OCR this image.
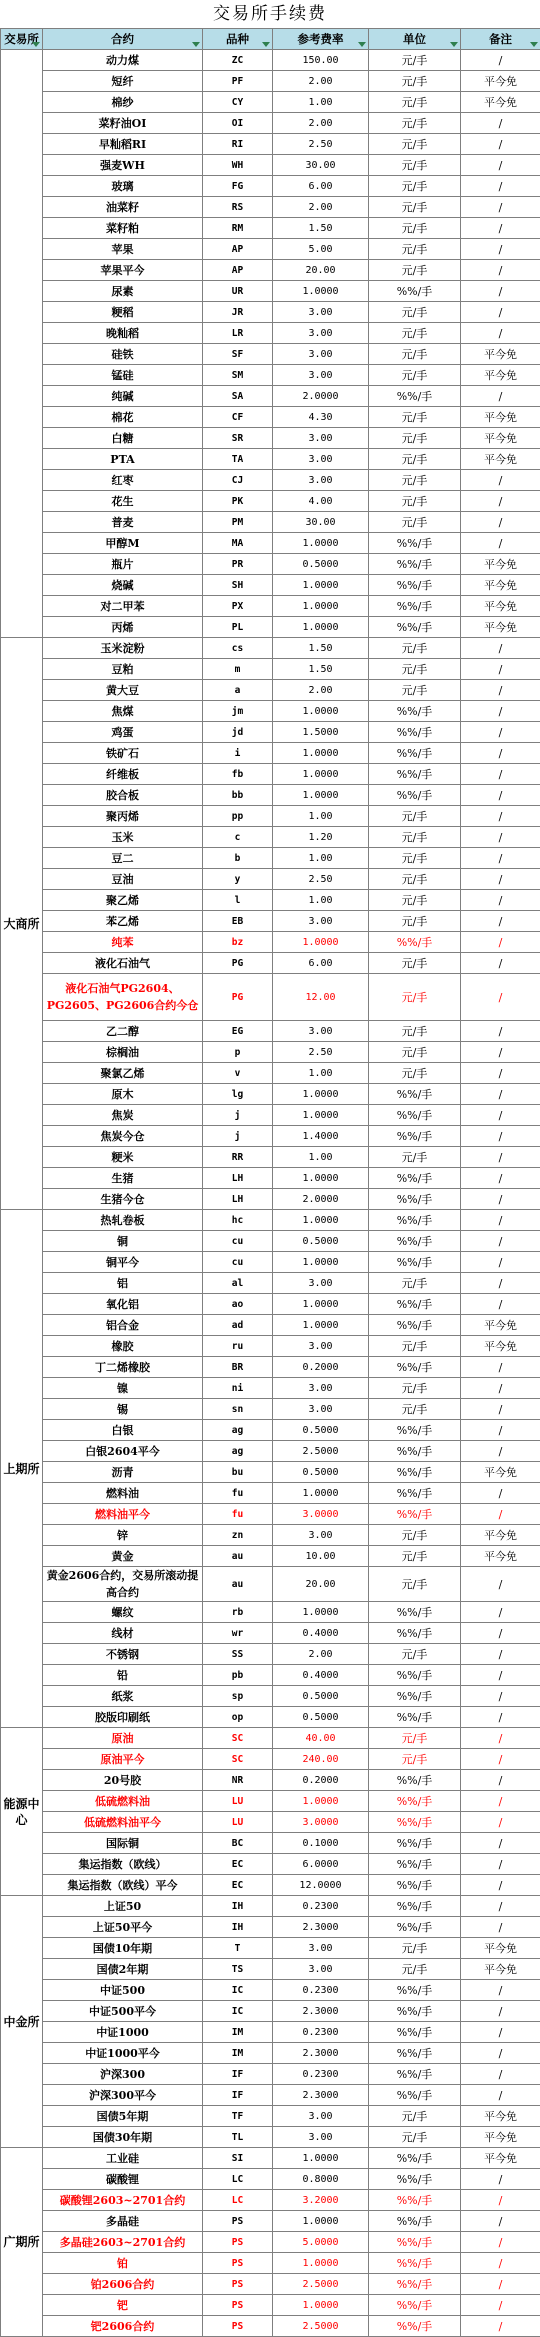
交易所手续费
交易所	合约	品种	参考费率	单位	备注

	动力煤	ZC	150.00	元/手	/
	短纤	PF	2.00	元/手	平今免
	棉纱	CY	1.00	元/手	平今免
	菜籽油OI	OI	2.00	元/手	/
	早籼稻RI	RI	2.50	元/手	/
	强麦WH	WH	30.00	元/手	/
	玻璃	FG	6.00	元/手	/
	油菜籽	RS	2.00	元/手	/
	菜籽粕	RM	1.50	元/手	/
	苹果	AP	5.00	元/手	/
	苹果平今	AP	20.00	元/手	/
	尿素	UR	1.0000	%%/手	/
	粳稻	JR	3.00	元/手	/
	晚籼稻	LR	3.00	元/手	/
	硅铁	SF	3.00	元/手	平今免
	锰硅	SM	3.00	元/手	平今免
	纯碱	SA	2.0000	%%/手	/
	棉花	CF	4.30	元/手	平今免
	白糖	SR	3.00	元/手	平今免
	PTA	TA	3.00	元/手	平今免
	红枣	CJ	3.00	元/手	/
	花生	PK	4.00	元/手	/
	普麦	PM	30.00	元/手	/
	甲醇M	MA	1.0000	%%/手	/
	瓶片	PR	0.5000	%%/手	平今免
	烧碱	SH	1.0000	%%/手	平今免
	对二甲苯	PX	1.0000	%%/手	平今免
	丙烯	PL	1.0000	%%/手	平今免
大商所	玉米淀粉	cs	1.50	元/手	/
	豆粕	m	1.50	元/手	/
	黄大豆	a	2.00	元/手	/
	焦煤	jm	1.0000	%%/手	/
	鸡蛋	jd	1.5000	%%/手	/
	铁矿石	i	1.0000	%%/手	/
	纤维板	fb	1.0000	%%/手	/
	胶合板	bb	1.0000	%%/手	/
	聚丙烯	pp	1.00	元/手	/
	玉米	c	1.20	元/手	/
	豆二	b	1.00	元/手	/
	豆油	y	2.50	元/手	/
	聚乙烯	l	1.00	元/手	/
	苯乙烯	EB	3.00	元/手	/
	纯苯	bz	1.0000	%%/手	/
	液化石油气	PG	6.00	元/手	/
	液化石油气PG2604、PG2605、PG2606合约今仓	PG	12.00	元/手	/
	乙二醇	EG	3.00	元/手	/
	棕榈油	p	2.50	元/手	/
	聚氯乙烯	v	1.00	元/手	/
	原木	lg	1.0000	%%/手	/
	焦炭	j	1.0000	%%/手	/
	焦炭今仓	j	1.4000	%%/手	/
	粳米	RR	1.00	元/手	/
	生猪	LH	1.0000	%%/手	/
	生猪今仓	LH	2.0000	%%/手	/
上期所	热轧卷板	hc	1.0000	%%/手	/
	铜	cu	0.5000	%%/手	/
	铜平今	cu	1.0000	%%/手	/
	铝	al	3.00	元/手	/
	氧化铝	ao	1.0000	%%/手	/
	铝合金	ad	1.0000	%%/手	平今免
	橡胶	ru	3.00	元/手	平今免
	丁二烯橡胶	BR	0.2000	%%/手	/
	镍	ni	3.00	元/手	/
	锡	sn	3.00	元/手	/
	白银	ag	0.5000	%%/手	/
	白银2604平今	ag	2.5000	%%/手	/
	沥青	bu	0.5000	%%/手	平今免
	燃料油	fu	1.0000	%%/手	/
	燃料油平今	fu	3.0000	%%/手	/
	锌	zn	3.00	元/手	平今免
	黄金	au	10.00	元/手	平今免
	黄金2606合约，交易所滚动提高合约	au	20.00	元/手	/
	螺纹	rb	1.0000	%%/手	/
	线材	wr	0.4000	%%/手	/
	不锈钢	SS	2.00	元/手	/
	铅	pb	0.4000	%%/手	/
	纸浆	sp	0.5000	%%/手	/
	胶版印刷纸	op	0.5000	%%/手	/
能源中心	原油	SC	40.00	元/手	/
	原油平今	SC	240.00	元/手	/
	20号胶	NR	0.2000	%%/手	/
	低硫燃料油	LU	1.0000	%%/手	/
	低硫燃料油平今	LU	3.0000	%%/手	/
	国际铜	BC	0.1000	%%/手	/
	集运指数（欧线）	EC	6.0000	%%/手	/
	集运指数（欧线）平今	EC	12.0000	%%/手	/
中金所	上证50	IH	0.2300	%%/手	/
	上证50平今	IH	2.3000	%%/手	/
	国债10年期	T	3.00	元/手	平今免
	国债2年期	TS	3.00	元/手	平今免
	中证500	IC	0.2300	%%/手	/
	中证500平今	IC	2.3000	%%/手	/
	中证1000	IM	0.2300	%%/手	/
	中证1000平今	IM	2.3000	%%/手	/
	沪深300	IF	0.2300	%%/手	/
	沪深300平今	IF	2.3000	%%/手	/
	国债5年期	TF	3.00	元/手	平今免
	国债30年期	TL	3.00	元/手	平今免
广期所	工业硅	SI	1.0000	%%/手	平今免
	碳酸锂	LC	0.8000	%%/手	/
	碳酸锂2603~2701合约	LC	3.2000	%%/手	/
	多晶硅	PS	1.0000	%%/手	/
	多晶硅2603~2701合约	PS	5.0000	%%/手	/
	铂	PS	1.0000	%%/手	/
	铂2606合约	PS	2.5000	%%/手	/
	钯	PS	1.0000	%%/手	/
	钯2606合约	PS	2.5000	%%/手	/
